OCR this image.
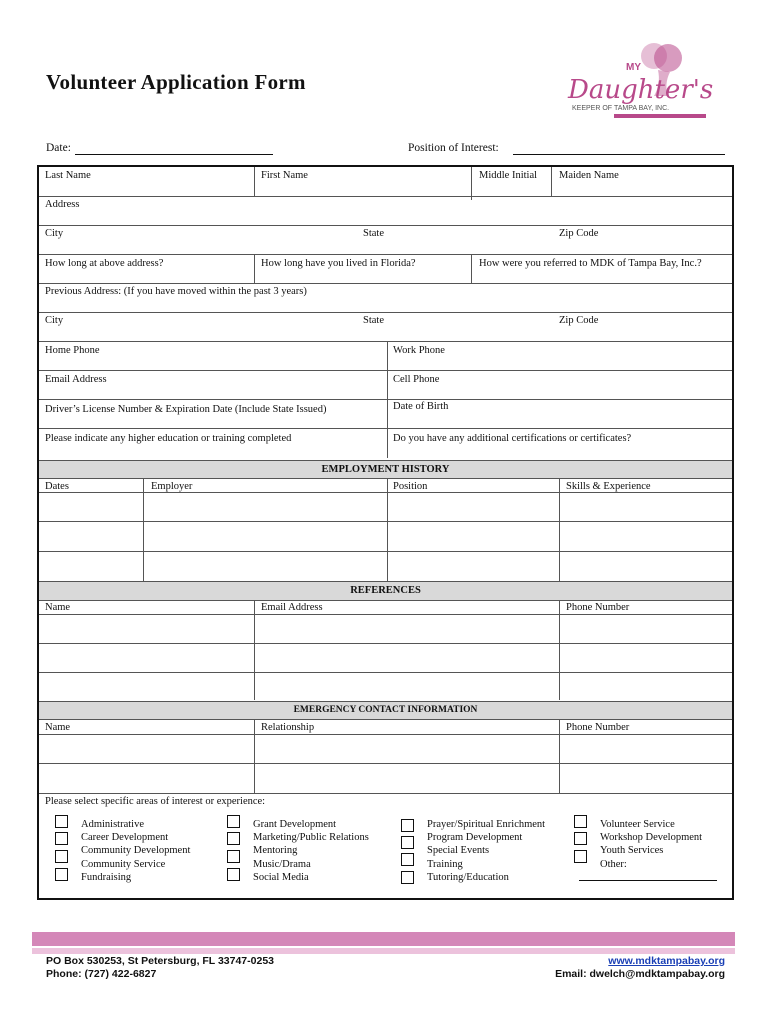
Volunteer Application Form
MY
Daughter's
KEEPER OF TAMPA BAY, INC.
Date:	Position of Interest:
Last Name	First Name	Middle Initial Maiden Name
Address
City	State	Zip Code
How long at above address?	How long have you lived in Florida?	How were you referred to MDK of Tampa Bay, Inc.?
Previous Address: (If you have moved within the past 3 years)
City	State	Zip Code
Home Phone	Work Phone
Email Address	Cell Phone
Driver’s License Number & Expiration Date (Include State Issued)	Date of Birth
Please indicate any higher education or training completed	Do you have any additional certifications or certificates?
EMPLOYMENT HISTORY
Dates	Employer	Position	Skills & Experience
REFERENCES
Name	Email Address	Phone Number
EMERGENCY CONTACT INFORMATION
Name	Relationship	Phone Number
Please select specific areas of interest or experience:
Administrative
Career Development
Community Development
Community Service
Fundraising
Grant Development
Marketing/Public Relations
Mentoring
Music/Drama
Social Media
Prayer/Spiritual Enrichment
Program Development
Special Events
Training
Tutoring/Education
Volunteer Service
Workshop Development
Youth Services
Other:
PO Box 530253, St Petersburg, FL 33747-0253
Phone: (727) 422-6827
www.mdktampabay.org
Email: dwelch@mdktampabay.org
